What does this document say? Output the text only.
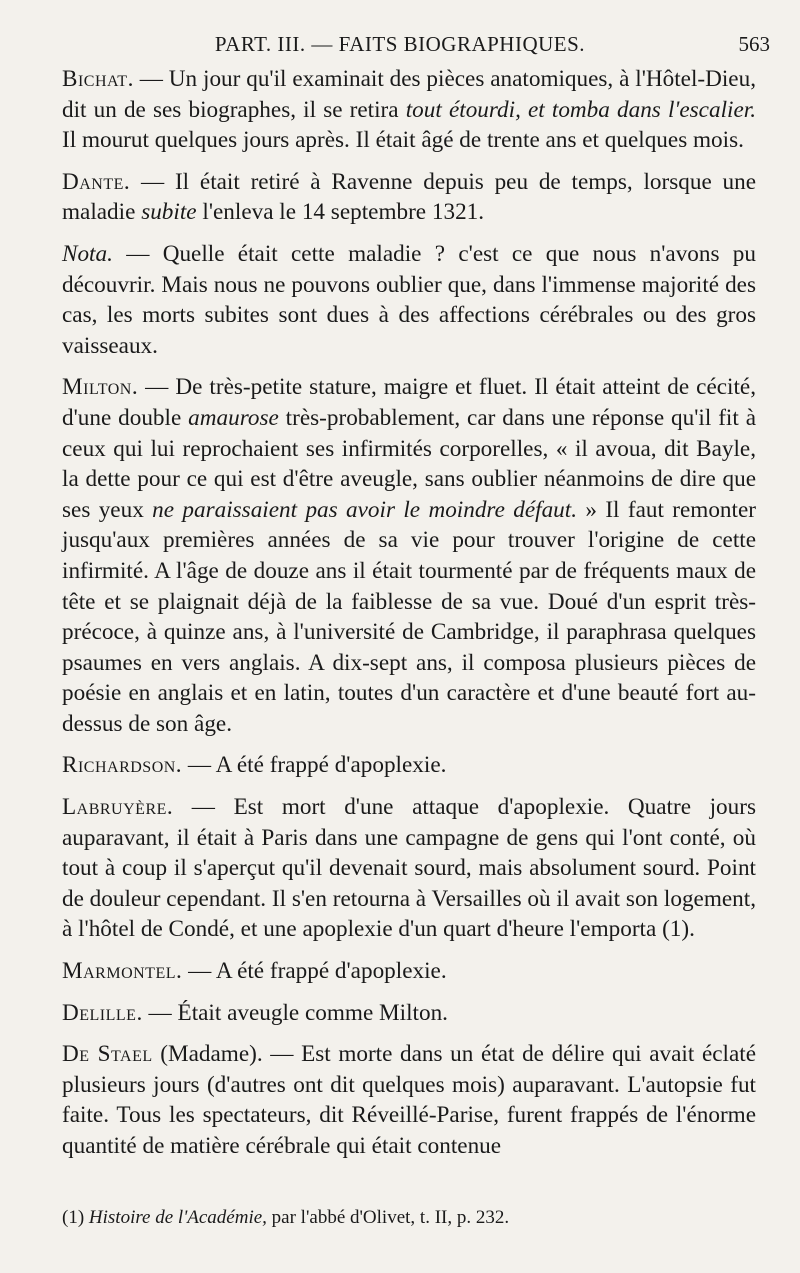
PART. III. — FAITS BIOGRAPHIQUES.	563

Bichat. — Un jour qu'il examinait des pièces anatomiques, à l'Hôtel-Dieu, dit un de ses biographes, il se retira tout étourdi, et tomba dans l'escalier. Il mourut quelques jours après. Il était âgé de trente ans et quelques mois.

Dante. — Il était retiré à Ravenne depuis peu de temps, lorsque une maladie subite l'enleva le 14 septembre 1321.

Nota. — Quelle était cette maladie ? c'est ce que nous n'avons pu découvrir. Mais nous ne pouvons oublier que, dans l'immense majorité des cas, les morts subites sont dues à des affections cérébrales ou des gros vaisseaux.

Milton. — De très-petite stature, maigre et fluet. Il était atteint de cécité, d'une double amaurose très-probablement, car dans une réponse qu'il fit à ceux qui lui reprochaient ses infirmités corporelles, « il avoua, dit Bayle, la dette pour ce qui est d'être aveugle, sans oublier néanmoins de dire que ses yeux ne paraissaient pas avoir le moindre défaut. » Il faut remonter jusqu'aux premières années de sa vie pour trouver l'origine de cette infirmité. A l'âge de douze ans il était tourmenté par de fréquents maux de tête et se plaignait déjà de la faiblesse de sa vue. Doué d'un esprit très-précoce, à quinze ans, à l'université de Cambridge, il paraphrasa quelques psaumes en vers anglais. A dix-sept ans, il composa plusieurs pièces de poésie en anglais et en latin, toutes d'un caractère et d'une beauté fort au-dessus de son âge.

Richardson. — A été frappé d'apoplexie.

Labruyère. — Est mort d'une attaque d'apoplexie. Quatre jours auparavant, il était à Paris dans une campagne de gens qui l'ont conté, où tout à coup il s'aperçut qu'il devenait sourd, mais absolument sourd. Point de douleur cependant. Il s'en retourna à Versailles où il avait son logement, à l'hôtel de Condé, et une apoplexie d'un quart d'heure l'emporta (1).

Marmontel. — A été frappé d'apoplexie.

Delille. — Était aveugle comme Milton.

De Stael (Madame). — Est morte dans un état de délire qui avait éclaté plusieurs jours (d'autres ont dit quelques mois) auparavant. L'autopsie fut faite. Tous les spectateurs, dit Réveillé-Parise, furent frappés de l'énorme quantité de matière cérébrale qui était contenue

(1) Histoire de l'Académie, par l'abbé d'Olivet, t. II, p. 232.
